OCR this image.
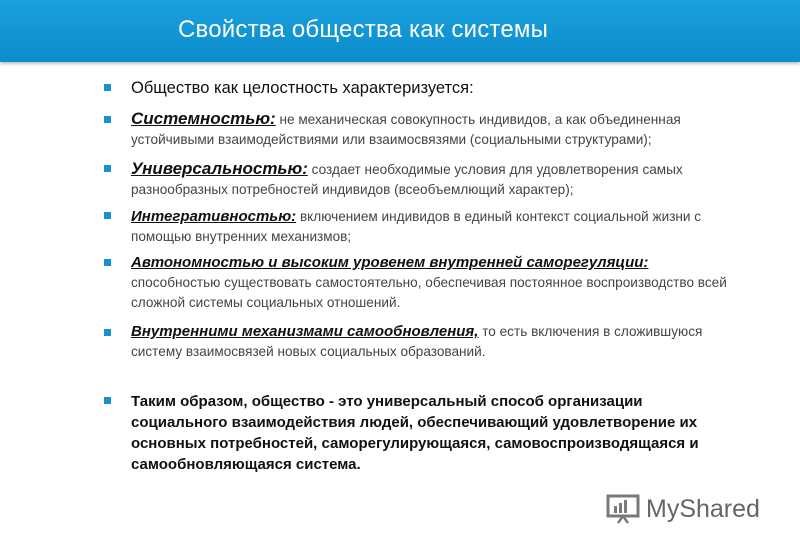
Свойства общества как системы
Общество как целостность характеризуется:
Системностью: не механическая совокупность индивидов, а как объединенная устойчивыми взаимодействиями или взаимосвязями (социальными структурами);
Универсальностью: создает необходимые условия для удовлетворения самых разнообразных потребностей индивидов (всеобъемлющий характер);
Интегративностью: включением индивидов в единый контекст социальной жизни с помощью внутренних механизмов;
Автономностью и высоким уровенем внутренней саморегуляции:
способностью существовать самостоятельно, обеспечивая постоянное воспроизводство всей сложной системы социальных отношений.
Внутренними механизмами самообновления, то есть включения в сложившуюся систему взаимосвязей новых социальных образований.
Таким образом, общество - это универсальный способ организации социального взаимодействия людей, обеспечивающий удовлетворение их основных потребностей, саморегулирующаяся, самовоспроизводящаяся и самообновляющаяся система.
MyShared
